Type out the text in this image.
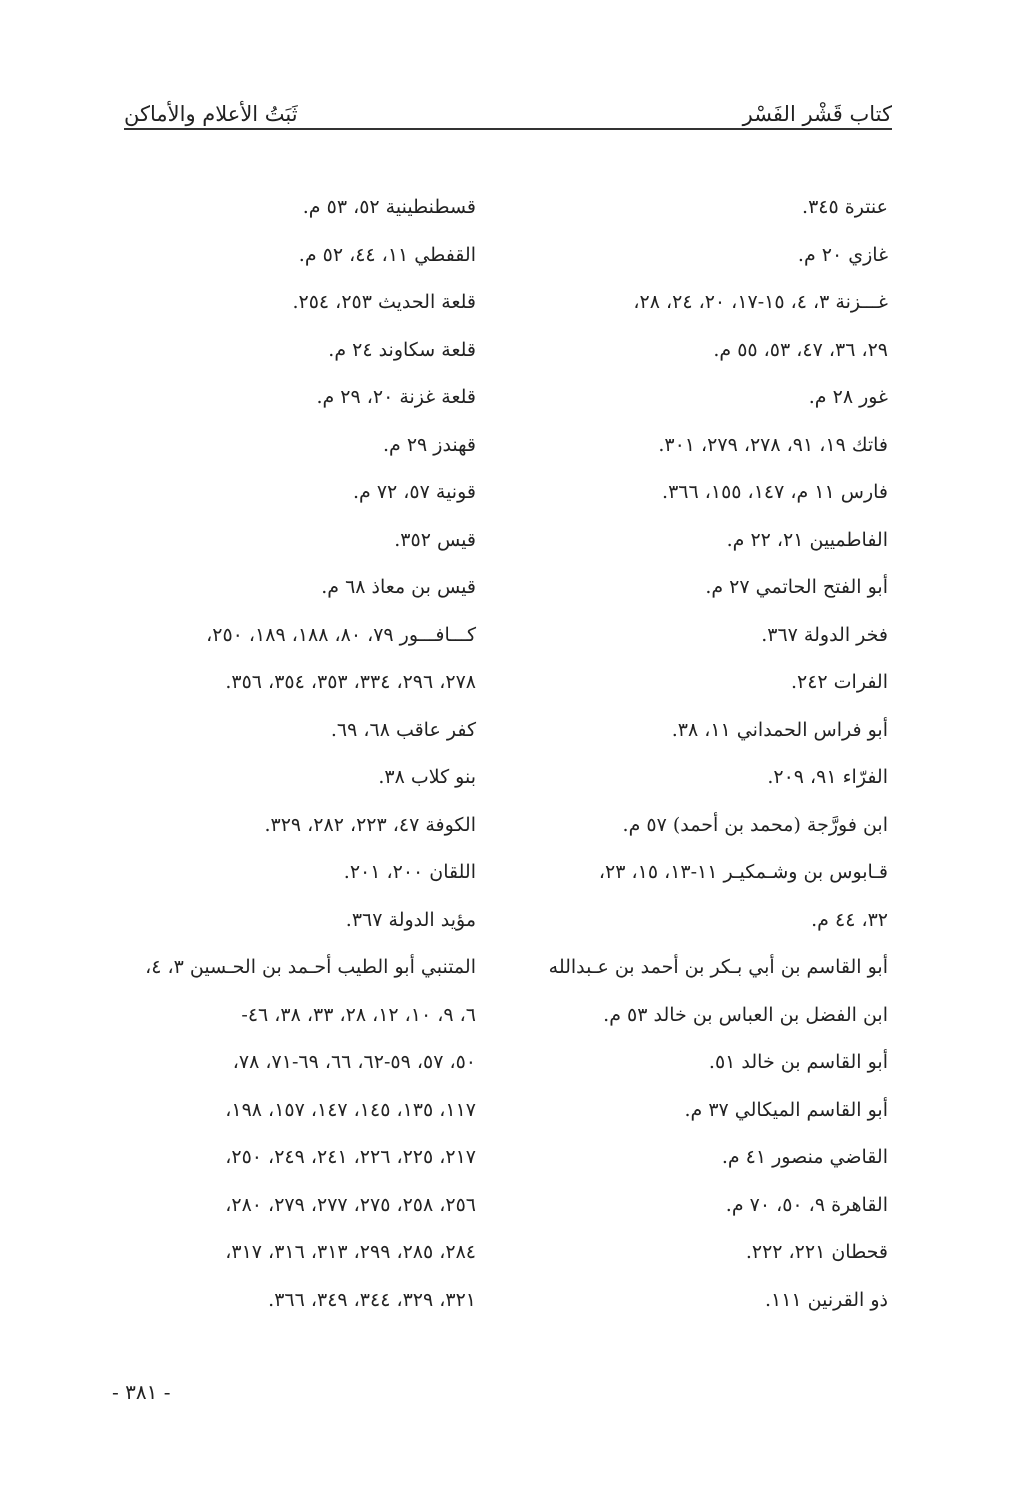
كتاب قَشْر الفَسْر
ثَبَتُ الأعلام والأماكن
عنترة ٣٤٥.
غازي ٢٠ م.
غـــزنة ٣، ٤، ١٥-١٧، ٢٠، ٢٤، ٢٨،
٢٩، ٣٦، ٤٧، ٥٣، ٥٥ م.
غور ٢٨ م.
فاتك ١٩، ٩١، ٢٧٨، ٢٧٩، ٣٠١.
فارس ١١ م، ١٤٧، ١٥٥، ٣٦٦.
الفاطميين ٢١، ٢٢ م.
أبو الفتح الحاتمي ٢٧ م.
فخر الدولة ٣٦٧.
الفرات ٢٤٢.
أبو فراس الحمداني ١١، ٣٨.
الفرّاء ٩١، ٢٠٩.
ابن فورَّجة (محمد بن أحمد) ٥٧ م.
قـابوس بن وشـمكيـر ١١-١٣، ١٥، ٢٣،
٣٢، ٤٤ م.
أبو القاسم بن أبي بـكر بن أحمد بن عـبدالله
ابن الفضل بن العباس بن خالد ٥٣ م.
أبو القاسم بن خالد ٥١.
أبو القاسم الميكالي ٣٧ م.
القاضي منصور ٤١ م.
القاهرة ٩، ٥٠، ٧٠ م.
قحطان ٢٢١، ٢٢٢.
ذو القرنين ١١١.
قسطنطينية ٥٢، ٥٣ م.
القفطي ١١، ٤٤، ٥٢ م.
قلعة الحديث ٢٥٣، ٢٥٤.
قلعة سكاوند ٢٤ م.
قلعة غزنة ٢٠، ٢٩ م.
قهندز ٢٩ م.
قونية ٥٧، ٧٢ م.
قيس ٣٥٢.
قيس بن معاذ ٦٨ م.
كـــافـــور ٧٩، ٨٠، ١٨٨، ١٨٩، ٢٥٠،
٢٧٨، ٢٩٦، ٣٣٤، ٣٥٣، ٣٥٤، ٣٥٦.
كفر عاقب ٦٨، ٦٩.
بنو كلاب ٣٨.
الكوفة ٤٧، ٢٢٣، ٢٨٢، ٣٢٩.
اللقان ٢٠٠، ٢٠١.
مؤيد الدولة ٣٦٧.
المتنبي أبو الطيب أحـمد بن الحـسين ٣، ٤،
٦، ٩، ١٠، ١٢، ٢٨، ٣٣، ٣٨، ٤٦-
٥٠، ٥٧، ٥٩-٦٢، ٦٦، ٦٩-٧١، ٧٨،
١١٧، ١٣٥، ١٤٥، ١٤٧، ١٥٧، ١٩٨،
٢١٧، ٢٢٥، ٢٢٦، ٢٤١، ٢٤٩، ٢٥٠،
٢٥٦، ٢٥٨، ٢٧٥، ٢٧٧، ٢٧٩، ٢٨٠،
٢٨٤، ٢٨٥، ٢٩٩، ٣١٣، ٣١٦، ٣١٧،
٣٢١، ٣٢٩، ٣٤٤، ٣٤٩، ٣٦٦.
- ٣٨١ -
